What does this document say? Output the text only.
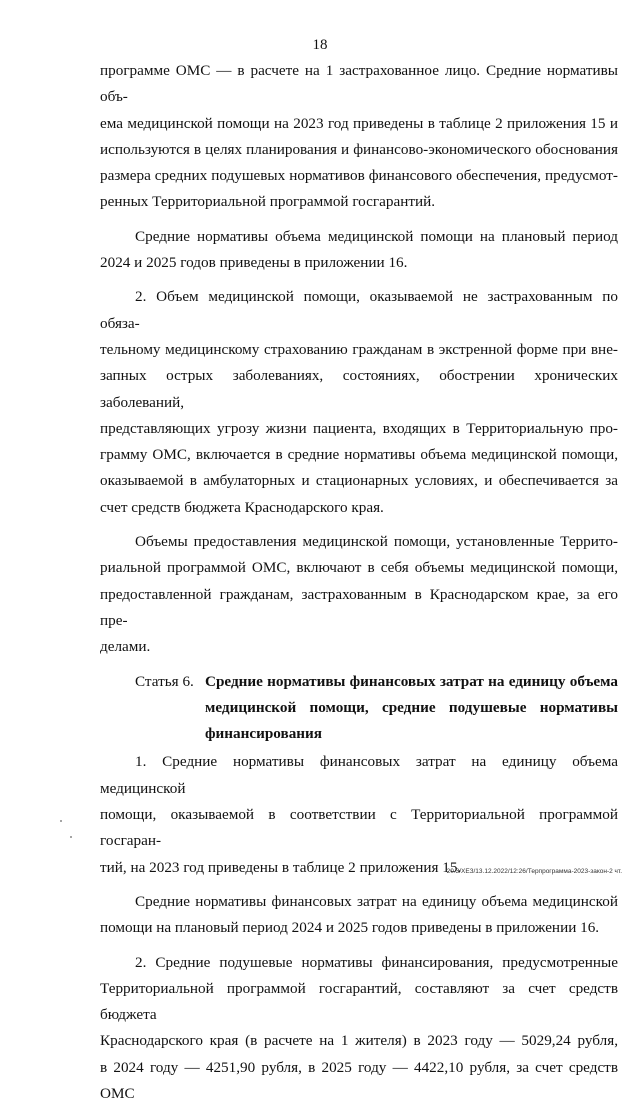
18

программе ОМС — в расчете на 1 застрахованное лицо. Средние нормативы объ-

ема медицинской помощи на 2023 год приведены в таблице 2 приложения 15 и

используются в целях планирования и финансово-экономического обоснования

размера средних подушевых нормативов финансового обеспечения, предусмот-

ренных Территориальной программой госгарантий.

Средние нормативы объема медицинской помощи на плановый период

2024 и 2025 годов приведены в приложении 16.

2. Объем медицинской помощи, оказываемой не застрахованным по обяза-

тельному медицинскому страхованию гражданам в экстренной форме при вне-

запных острых заболеваниях, состояниях, обострении хронических заболеваний,

представляющих угрозу жизни пациента, входящих в Территориальную про-

грамму ОМС, включается в средние нормативы объема медицинской помощи,

оказываемой в амбулаторных и стационарных условиях, и обеспечивается за

счет средств бюджета Краснодарского края.

Объемы предоставления медицинской помощи, установленные Террито-

риальной программой ОМС, включают в себя объемы медицинской помощи,

предоставленной гражданам, застрахованным в Краснодарском крае, за его пре-

делами.

Статья 6. Средние нормативы финансовых затрат на единицу объема
медицинской помощи, средние подушевые нормативы
финансирования

1. Средние нормативы финансовых затрат на единицу объема медицинской

помощи, оказываемой в соответствии с Территориальной программой госгаран-

тий, на 2023 год приведены в таблице 2 приложения 15.

Средние нормативы финансовых затрат на единицу объема медицинской

помощи на плановый период 2024 и 2025 годов приведены в приложении 16.

2. Средние подушевые нормативы финансирования, предусмотренные

Территориальной программой госгарантий, составляют за счет средств бюджета

Краснодарского края (в расчете на 1 жителя) в 2023 году — 5029,24 рубля,

в 2024 году — 4251,90 рубля, в 2025 году — 4422,10 рубля, за счет средств ОМС

20.3/ХЕЗ/13.12.2022/12:26/Терпрограмма-2023-закон-2 чт.
